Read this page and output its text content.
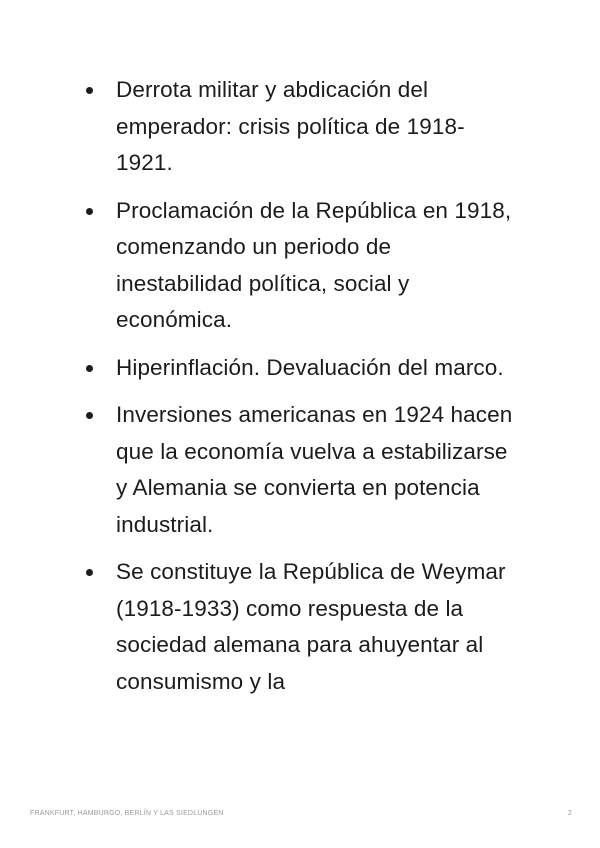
Derrota militar y abdicación del emperador: crisis política de 1918-1921.
Proclamación de la República en 1918, comenzando un periodo de inestabilidad política, social y económica.
Hiperinflación. Devaluación del marco.
Inversiones americanas en 1924 hacen que la economía vuelva a estabilizarse y Alemania se convierta en potencia industrial.
Se constituye la República de Weymar (1918-1933) como respuesta de la sociedad alemana para ahuyentar al consumismo y la
FRANKFURT, HAMBURGO, BERLÍN Y LAS SIEDLUNGEN	2
